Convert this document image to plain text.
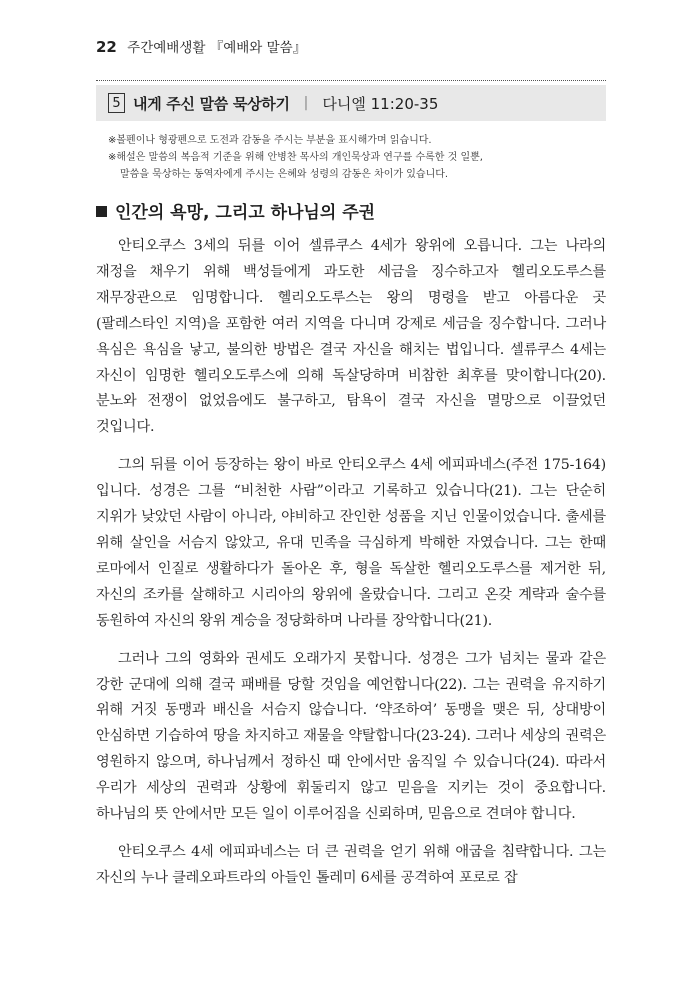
22 주간예배생활 『예배와 말씀』
5 내게 주신 말씀 묵상하기 | 다니엘 11:20-35

※볼펜이나 형광펜으로 도전과 감동을 주시는 부분을 표시해가며 읽습니다.

※해설은 말씀의 복음적 기준을 위해 안병찬 목사의 개인묵상과 연구를 수록한 것 일뿐,

말씀을 묵상하는 동역자에게 주시는 은혜와 성령의 감동은 차이가 있습니다.

인간의 욕망, 그리고 하나님의 주권

안티오쿠스 3세의 뒤를 이어 셀류쿠스 4세가 왕위에 오릅니다. 그는 나라의 재정을 채우기 위해 백성들에게 과도한 세금을 징수하고자 헬리오도루스를 재무장관으로 임명합니다. 헬리오도루스는 왕의 명령을 받고 아름다운 곳(팔레스타인 지역)을 포함한 여러 지역을 다니며 강제로 세금을 징수합니다. 그러나 욕심은 욕심을 낳고, 불의한 방법은 결국 자신을 해치는 법입니다. 셀류쿠스 4세는 자신이 임명한 헬리오도루스에 의해 독살당하며 비참한 최후를 맞이합니다(20). 분노와 전쟁이 없었음에도 불구하고, 탐욕이 결국 자신을 멸망으로 이끌었던 것입니다.

그의 뒤를 이어 등장하는 왕이 바로 안티오쿠스 4세 에피파네스(주전 175-164)입니다. 성경은 그를 “비천한 사람”이라고 기록하고 있습니다(21). 그는 단순히 지위가 낮았던 사람이 아니라, 야비하고 잔인한 성품을 지닌 인물이었습니다. 출세를 위해 살인을 서슴지 않았고, 유대 민족을 극심하게 박해한 자였습니다. 그는 한때 로마에서 인질로 생활하다가 돌아온 후, 형을 독살한 헬리오도루스를 제거한 뒤, 자신의 조카를 살해하고 시리아의 왕위에 올랐습니다. 그리고 온갖 계략과 술수를 동원하여 자신의 왕위 계승을 정당화하며 나라를 장악합니다(21).

그러나 그의 영화와 권세도 오래가지 못합니다. 성경은 그가 넘치는 물과 같은 강한 군대에 의해 결국 패배를 당할 것임을 예언합니다(22). 그는 권력을 유지하기 위해 거짓 동맹과 배신을 서슴지 않습니다. ‘약조하여’ 동맹을 맺은 뒤, 상대방이 안심하면 기습하여 땅을 차지하고 재물을 약탈합니다(23-24). 그러나 세상의 권력은 영원하지 않으며, 하나님께서 정하신 때 안에서만 움직일 수 있습니다(24). 따라서 우리가 세상의 권력과 상황에 휘둘리지 않고 믿음을 지키는 것이 중요합니다. 하나님의 뜻 안에서만 모든 일이 이루어짐을 신뢰하며, 믿음으로 견뎌야 합니다.

안티오쿠스 4세 에피파네스는 더 큰 권력을 얻기 위해 애굽을 침략합니다. 그는 자신의 누나 클레오파트라의 아들인 톨레미 6세를 공격하여 포로로 잡
